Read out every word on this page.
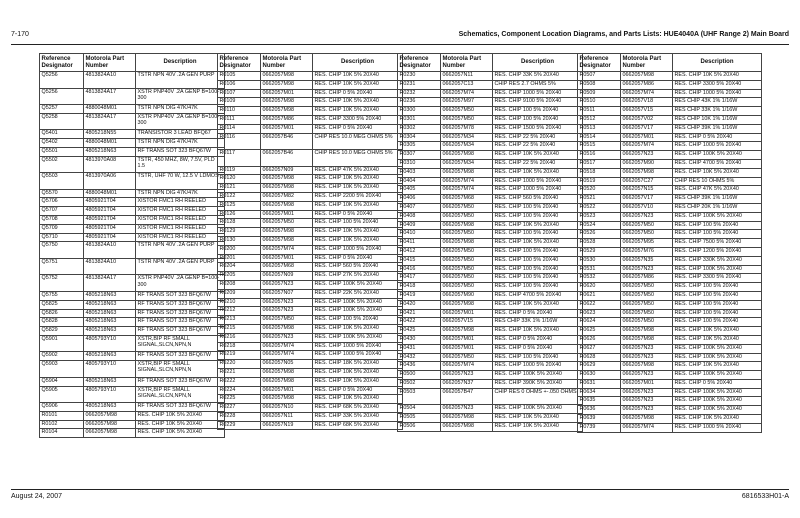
7-170	Schematics, Component Location Diagrams, and Parts Lists: HUE4040A (UHF Range 2) Main Board
August 24, 2007	6816533H01-A
Reference Designator	Motorola Part Number	Description
Q5256	4813824A10	TSTR NPN 40V .2A GEN PURP
Q5256	4813824A17	XSTR PNP40V .2A GENP B=100-300
Q5257	4880048M01	TSTR NPN DIG 47K/47K
Q5258	4813824A17	XSTR PNP40V .2A GENP B=100-300
Q5401	4805218N55	TRANSISTOR 3 LEAD BFQ67
Q5402	4880048M01	TSTR NPN DIG 47K/47K
Q5501	4805218N63	RF TRANS SOT 323 BFQ67W
Q5502	4813970A08	TSTR, 450 MHZ, 8W, 7.5V, PLD 1.5
Q5503	4813970A06	TSTR, UHF 70 W, 12.5 V LDMOS
Q5570	4880048M01	TSTR NPN DIG 47K/47K
Q5706	4805921T04	XISTOR FMC1 RH REELED
Q5707	4805921T04	XISTOR FMC1 RH REELED
Q5708	4805921T04	XISTOR FMC1 RH REELED
Q5709	4805921T04	XISTOR FMC1 RH REELED
Q5710	4805921T04	XISTOR FMC1 RH REELED
Q5750	4813824A10	TSTR NPN 40V .2A GEN PURP
Q5751	4813824A10	TSTR NPN 40V .2A GEN PURP
Q5752	4813824A17	XSTR PNP40V .2A GENP B=100-300
Q5755	4805218N63	RF TRANS SOT 323 BFQ67W
Q5825	4805218N63	RF TRANS SOT 323 BFQ67W
Q5826	4805218N63	RF TRANS SOT 323 BFQ67W
Q5828	4805218N63	RF TRANS SOT 323 BFQ67W
Q5829	4805218N63	RF TRANS SOT 323 BFQ67W
Q5901	4805793Y10	XSTR,BIP RF SMALL SIGNAL,SLCN,NPN,N
Q5902	4805218N63	RF TRANS SOT 323 BFQ67W
Q5903	4805793Y10	XSTR,BIP RF SMALL SIGNAL,SLCN,NPN,N
Q5904	4805218N63	RF TRANS SOT 323 BFQ67W
Q5905	4805793Y10	XSTR,BIP RF SMALL SIGNAL,SLCN,NPN,N
Q5906	4805218N63	RF TRANS SOT 323 BFQ67W
R0101	0662057M98	RES. CHIP 10K 5% 20X40
R0102	0662057M98	RES. CHIP 10K 5% 20X40
R0104	0662057M98	RES. CHIP 10K 5% 20X40
Reference Designator	Motorola Part Number	Description
R0105	0662057M98	RES. CHIP 10K 5% 20X40
R0106	0662057M98	RES. CHIP 10K 5% 20X40
R0107	0662057M01	RES. CHIP 0 5% 20X40
R0109	0662057M98	RES. CHIP 10K 5% 20X40
R0110	0662057M98	RES. CHIP 10K 5% 20X40
R0111	0662057M86	RES. CHIP 3300 5% 20X40
R0114	0662057M01	RES. CHIP 0 5% 20X40
R0116	0662057B46	CHIP RES 10.0 MEG OHMS 5%
R0117	0662057B46	CHIP RES 10.0 MEG OHMS 5%
R0119	0662057N09	RES. CHIP 47K 5% 20X40
R0120	0662057M98	RES. CHIP 10K 5% 20X40
R0121	0662057M98	RES. CHIP 10K 5% 20X40
R0122	0662057M82	RES. CHIP 2200 5% 20X40
R0125	0662057M98	RES. CHIP 10K 5% 20X40
R0126	0662057M01	RES. CHIP 0 5% 20X40
R0128	0662057M50	RES. CHIP 100 5% 20X40
R0129	0662057M98	RES. CHIP 10K 5% 20X40
R0130	0662057M98	RES. CHIP 10K 5% 20X40
R0200	0662057M74	RES. CHIP 1000 5% 20X40
R0201	0662057M01	RES. CHIP 0 5% 20X40
R0204	0662057M68	RES. CHIP 560 5% 20X40
R0205	0662057N09	RES. CHIP 27K 5% 20X40
R0208	0662057N23	RES. CHIP 100K 5% 20X40
R0209	0662057N07	RES. CHIP 22K 5% 20X40
R0210	0662057N23	RES. CHIP 100K 5% 20X40
R0212	0662057N23	RES. CHIP 100K 5% 20X40
R0213	0662057M50	RES. CHIP 100 5% 20X40
R0215	0662057M98	RES. CHIP 10K 5% 20X40
R0216	0662057N23	RES. CHIP 100K 5% 20X40
R0218	0662057M74	RES. CHIP 1000 5% 20X40
R0219	0662057M74	RES. CHIP 1000 5% 20X40
R0220	0662057N05	RES. CHIP 18K 5% 20X40
R0221	0662057M98	RES. CHIP 10K 5% 20X40
R0222	0662057M98	RES. CHIP 10K 5% 20X40
R0224	0662057M01	RES. CHIP 0 5% 20X40
R0225	0662057M98	RES. CHIP 10K 5% 20X40
R0227	0662057N10	RES. CHIP 68K 5% 20X40
R0228	0662057N11	RES. CHIP 33K 5% 20X40
R0229	0662057N19	RES. CHIP 68K 5% 20X40
Reference Designator	Motorola Part Number	Description
R0230	0662057N11	RES. CHIP 33K 5% 20X40
R0231	0662057C13	CHIP RES 2.7 OHMS 5%
R0232	0662057M74	RES. CHIP 1000 5% 20X40
R0236	0662057M97	RES. CHIP 9100 5% 20X40
R0300	0662057M50	RES. CHIP 100 5% 20X40
R0301	0662057M50	RES. CHIP 100 5% 20X40
R0302	0662057M78	RES. CHIP 1500 5% 20X40
R0304	0662057M34	RES. CHIP 22 5% 20X40
R0305	0662057M34	RES. CHIP 22 5% 20X40
R0307	0662057M98	RES. CHIP 10K 5% 20X40
R0310	0662057M34	RES. CHIP 22 5% 20X40
R0403	0662057M98	RES. CHIP 10K 5% 20X40
R0404	0662057M74	RES. CHIP 1000 5% 20X40
R0405	0662057M74	RES. CHIP 1000 5% 20X40
R0406	0662057M68	RES. CHIP 560 5% 20X40
R0407	0662057M50	RES. CHIP 100 5% 20X40
R0408	0662057M50	RES. CHIP 100 5% 20X40
R0409	0662057M98	RES. CHIP 10K 5% 20X40
R0410	0662057M50	RES. CHIP 100 5% 20X40
R0411	0662057M98	RES. CHIP 10K 5% 20X40
R0412	0662057M50	RES. CHIP 100 5% 20X40
R0415	0662057M50	RES. CHIP 100 5% 20X40
R0416	0662057M50	RES. CHIP 100 5% 20X40
R0417	0662057M50	RES. CHIP 100 5% 20X40
R0418	0662057M50	RES. CHIP 100 5% 20X40
R0419	0662057M90	RES. CHIP 4700 5% 20X40
R0420	0662057M98	RES. CHIP 10K 5% 20X40
R0421	0662057M01	RES. CHIP 0 5% 20X40
R0422	0662057V15	RES CHIP 33K 1% 1/16W
R0425	0662057M98	RES. CHIP 10K 5% 20X40
R0430	0662057M01	RES. CHIP 0 5% 20X40
R0431	0662057M01	RES. CHIP 0 5% 20X40
R0432	0662057M50	RES. CHIP 100 5% 20X40
R0436	0662057M74	RES. CHIP 1000 5% 20X40
R0500	0662057N23	RES. CHIP 100K 5% 20X40
R0502	0662057N37	RES. CHIP 390K 5% 20X40
R0503	0662057B47	CHIP RES 0 OHMS +-.050 OHMS
R0504	0662057N23	RES. CHIP 100K 5% 20X40
R0505	0662057M98	RES. CHIP 10K 5% 20X40
R0506	0662057M98	RES. CHIP 10K 5% 20X40
Reference Designator	Motorola Part Number	Description
R0507	0662057M98	RES. CHIP 10K 5% 20X40
R0508	0662057M86	RES. CHIP 3300 5% 20X40
R0509	0662057M74	RES. CHIP 1000 5% 20X40
R0510	0662057V18	RES CHIP 43K 1% 1/16W
R0511	0662057V15	RES CHIP 33K 1% 1/16W
R0512	0662057V02	RES CHIP 10K 1% 1/16W
R0513	0662057V17	RES CHIP 39K 1% 1/16W
R0514	0662057M01	RES. CHIP 0 5% 20X40
R0515	0662057M74	RES. CHIP 1000 5% 20X40
R0516	0662057N23	RES. CHIP 100K 5% 20X40
R0517	0662057M90	RES. CHIP 4700 5% 20X40
R0518	0662057M98	RES. CHIP 10K 5% 20X40
R0519	0662057C27	CHIP RES 10 OHMS 5%
R0520	0662057N15	RES. CHIP 47K 5% 20X40
R0521	0662057V17	RES CHIP 39K 1% 1/16W
R0522	0662057V10	RES CHIP 20K 1% 1/16W
R0523	0662057N23	RES. CHIP 100K 5% 20X40
R0524	0662057M50	RES. CHIP 100 5% 20X40
R0526	0662057M50	RES. CHIP 100 5% 20X40
R0528	0662057M95	RES. CHIP 7500 5% 20X40
R0529	0662057M76	RES. CHIP 1200 5% 20X40
R0530	0662057N35	RES. CHIP 330K 5% 20X40
R0531	0662057N23	RES. CHIP 100K 5% 20X40
R0532	0662057M86	RES. CHIP 3300 5% 20X40
R0620	0662057M50	RES. CHIP 100 5% 20X40
R0621	0662057M50	RES. CHIP 100 5% 20X40
R0622	0662057M50	RES. CHIP 100 5% 20X40
R0623	0662057M50	RES. CHIP 100 5% 20X40
R0624	0662057M50	RES. CHIP 100 5% 20X40
R0625	0662057M98	RES. CHIP 10K 5% 20X40
R0626	0662057M98	RES. CHIP 10K 5% 20X40
R0627	0662057N23	RES. CHIP 100K 5% 20X40
R0628	0662057N23	RES. CHIP 100K 5% 20X40
R0629	0662057M98	RES. CHIP 10K 5% 20X40
R0630	0662057N23	RES. CHIP 100K 5% 20X40
R0631	0662057M01	RES. CHIP 0 5% 20X40
R0634	0662057N23	RES. CHIP 100K 5% 20X40
R0635	0662057N23	RES. CHIP 100K 5% 20X40
R0636	0662057N23	RES. CHIP 100K 5% 20X40
R0639	0662057M98	RES. CHIP 10K 5% 20X40
R0739	0662057M74	RES. CHIP 1000 5% 20X40
